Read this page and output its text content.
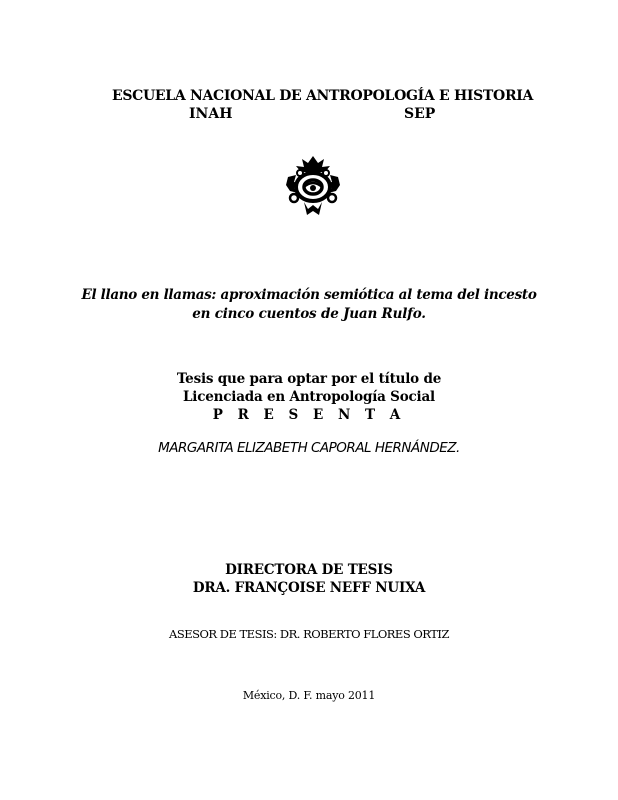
ESCUELA NACIONAL DE ANTROPOLOGÍA E HISTORIA
INAH	SEP
El llano en llamas: aproximación semiótica al tema del incesto
en cinco cuentos de Juan Rulfo.
Tesis que para optar por el título de
Licenciada en Antropología Social
P R E S E N T A
MARGARITA ELIZABETH CAPORAL HERNÁNDEZ.
DIRECTORA DE TESIS
DRA. FRANÇOISE NEFF NUIXA
ASESOR DE TESIS: DR. ROBERTO FLORES ORTIZ
México, D. F. mayo 2011
